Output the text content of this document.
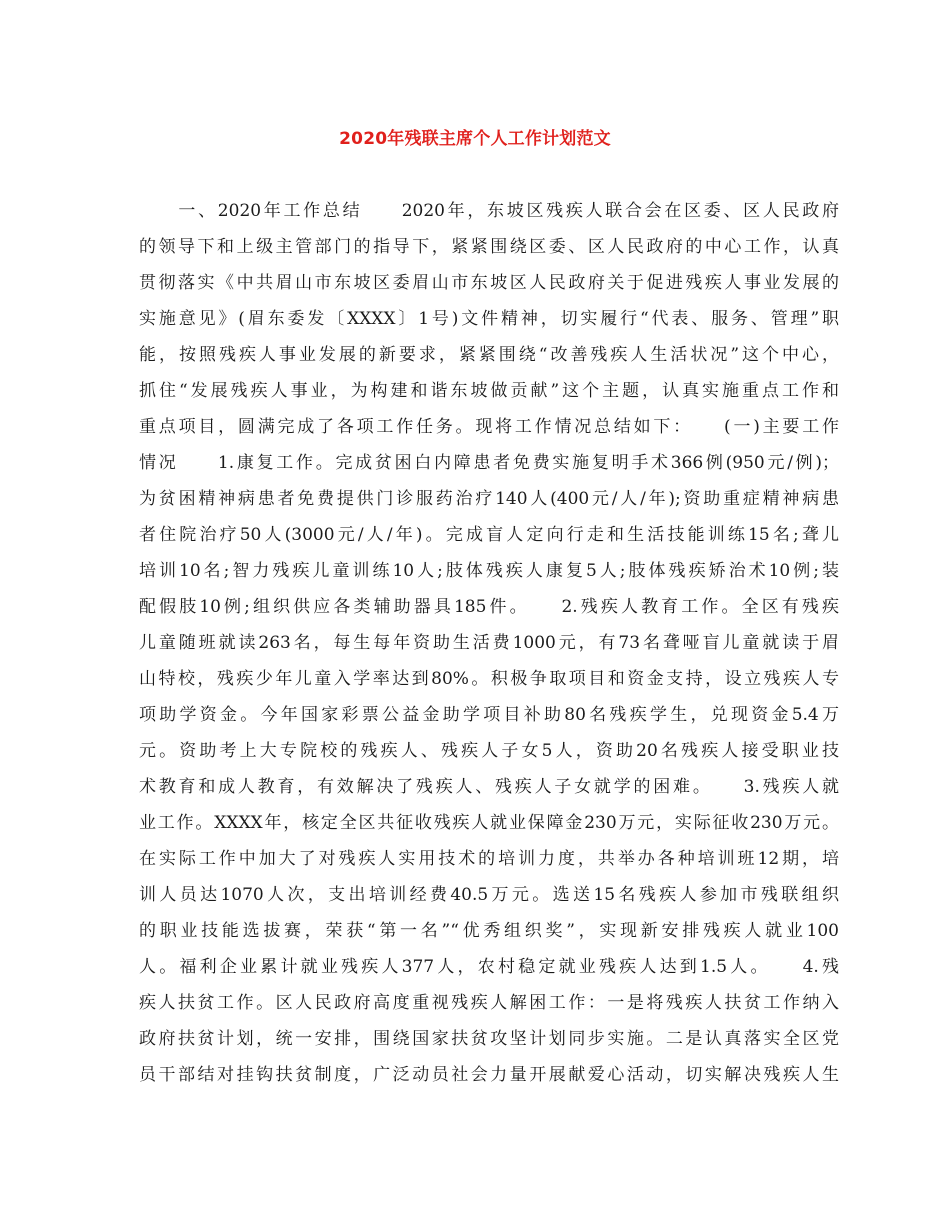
2020年残联主席个人工作计划范文
　　一、2020年工作总结　　2020年，东坡区残疾人联合会在区委、区人民政府
的领导下和上级主管部门的指导下，紧紧围绕区委、区人民政府的中心工作，认真
贯彻落实《中共眉山市东坡区委眉山市东坡区人民政府关于促进残疾人事业发展的
实施意见》(眉东委发〔XXXX〕1号)文件精神，切实履行“代表、服务、管理”职
能，按照残疾人事业发展的新要求，紧紧围绕“改善残疾人生活状况”这个中心，
抓住“发展残疾人事业，为构建和谐东坡做贡献”这个主题，认真实施重点工作和
重点项目，圆满完成了各项工作任务。现将工作情况总结如下：　　(一)主要工作
情况　　1.康复工作。完成贫困白内障患者免费实施复明手术366例(950元/例)；
为贫困精神病患者免费提供门诊服药治疗140人(400元/人/年);资助重症精神病患
者住院治疗50人(3000元/人/年)。完成盲人定向行走和生活技能训练15名;聋儿
培训10名;智力残疾儿童训练10人;肢体残疾人康复5人;肢体残疾矫治术10例;装
配假肢10例;组织供应各类辅助器具185件。　　2.残疾人教育工作。全区有残疾
儿童随班就读263名，每生每年资助生活费1000元，有73名聋哑盲儿童就读于眉
山特校，残疾少年儿童入学率达到80%。积极争取项目和资金支持，设立残疾人专
项助学资金。今年国家彩票公益金助学项目补助80名残疾学生，兑现资金5.4万
元。资助考上大专院校的残疾人、残疾人子女5人，资助20名残疾人接受职业技
术教育和成人教育，有效解决了残疾人、残疾人子女就学的困难。　　3.残疾人就
业工作。XXXX年，核定全区共征收残疾人就业保障金230万元，实际征收230万元。
在实际工作中加大了对残疾人实用技术的培训力度，共举办各种培训班12期，培
训人员达1070人次，支出培训经费40.5万元。选送15名残疾人参加市残联组织
的职业技能选拔赛，荣获“第一名”“优秀组织奖”，实现新安排残疾人就业100
人。福利企业累计就业残疾人377人，农村稳定就业残疾人达到1.5人。　　4.残
疾人扶贫工作。区人民政府高度重视残疾人解困工作：一是将残疾人扶贫工作纳入
政府扶贫计划，统一安排，围绕国家扶贫攻坚计划同步实施。二是认真落实全区党
员干部结对挂钩扶贫制度，广泛动员社会力量开展献爱心活动，切实解决残疾人生
